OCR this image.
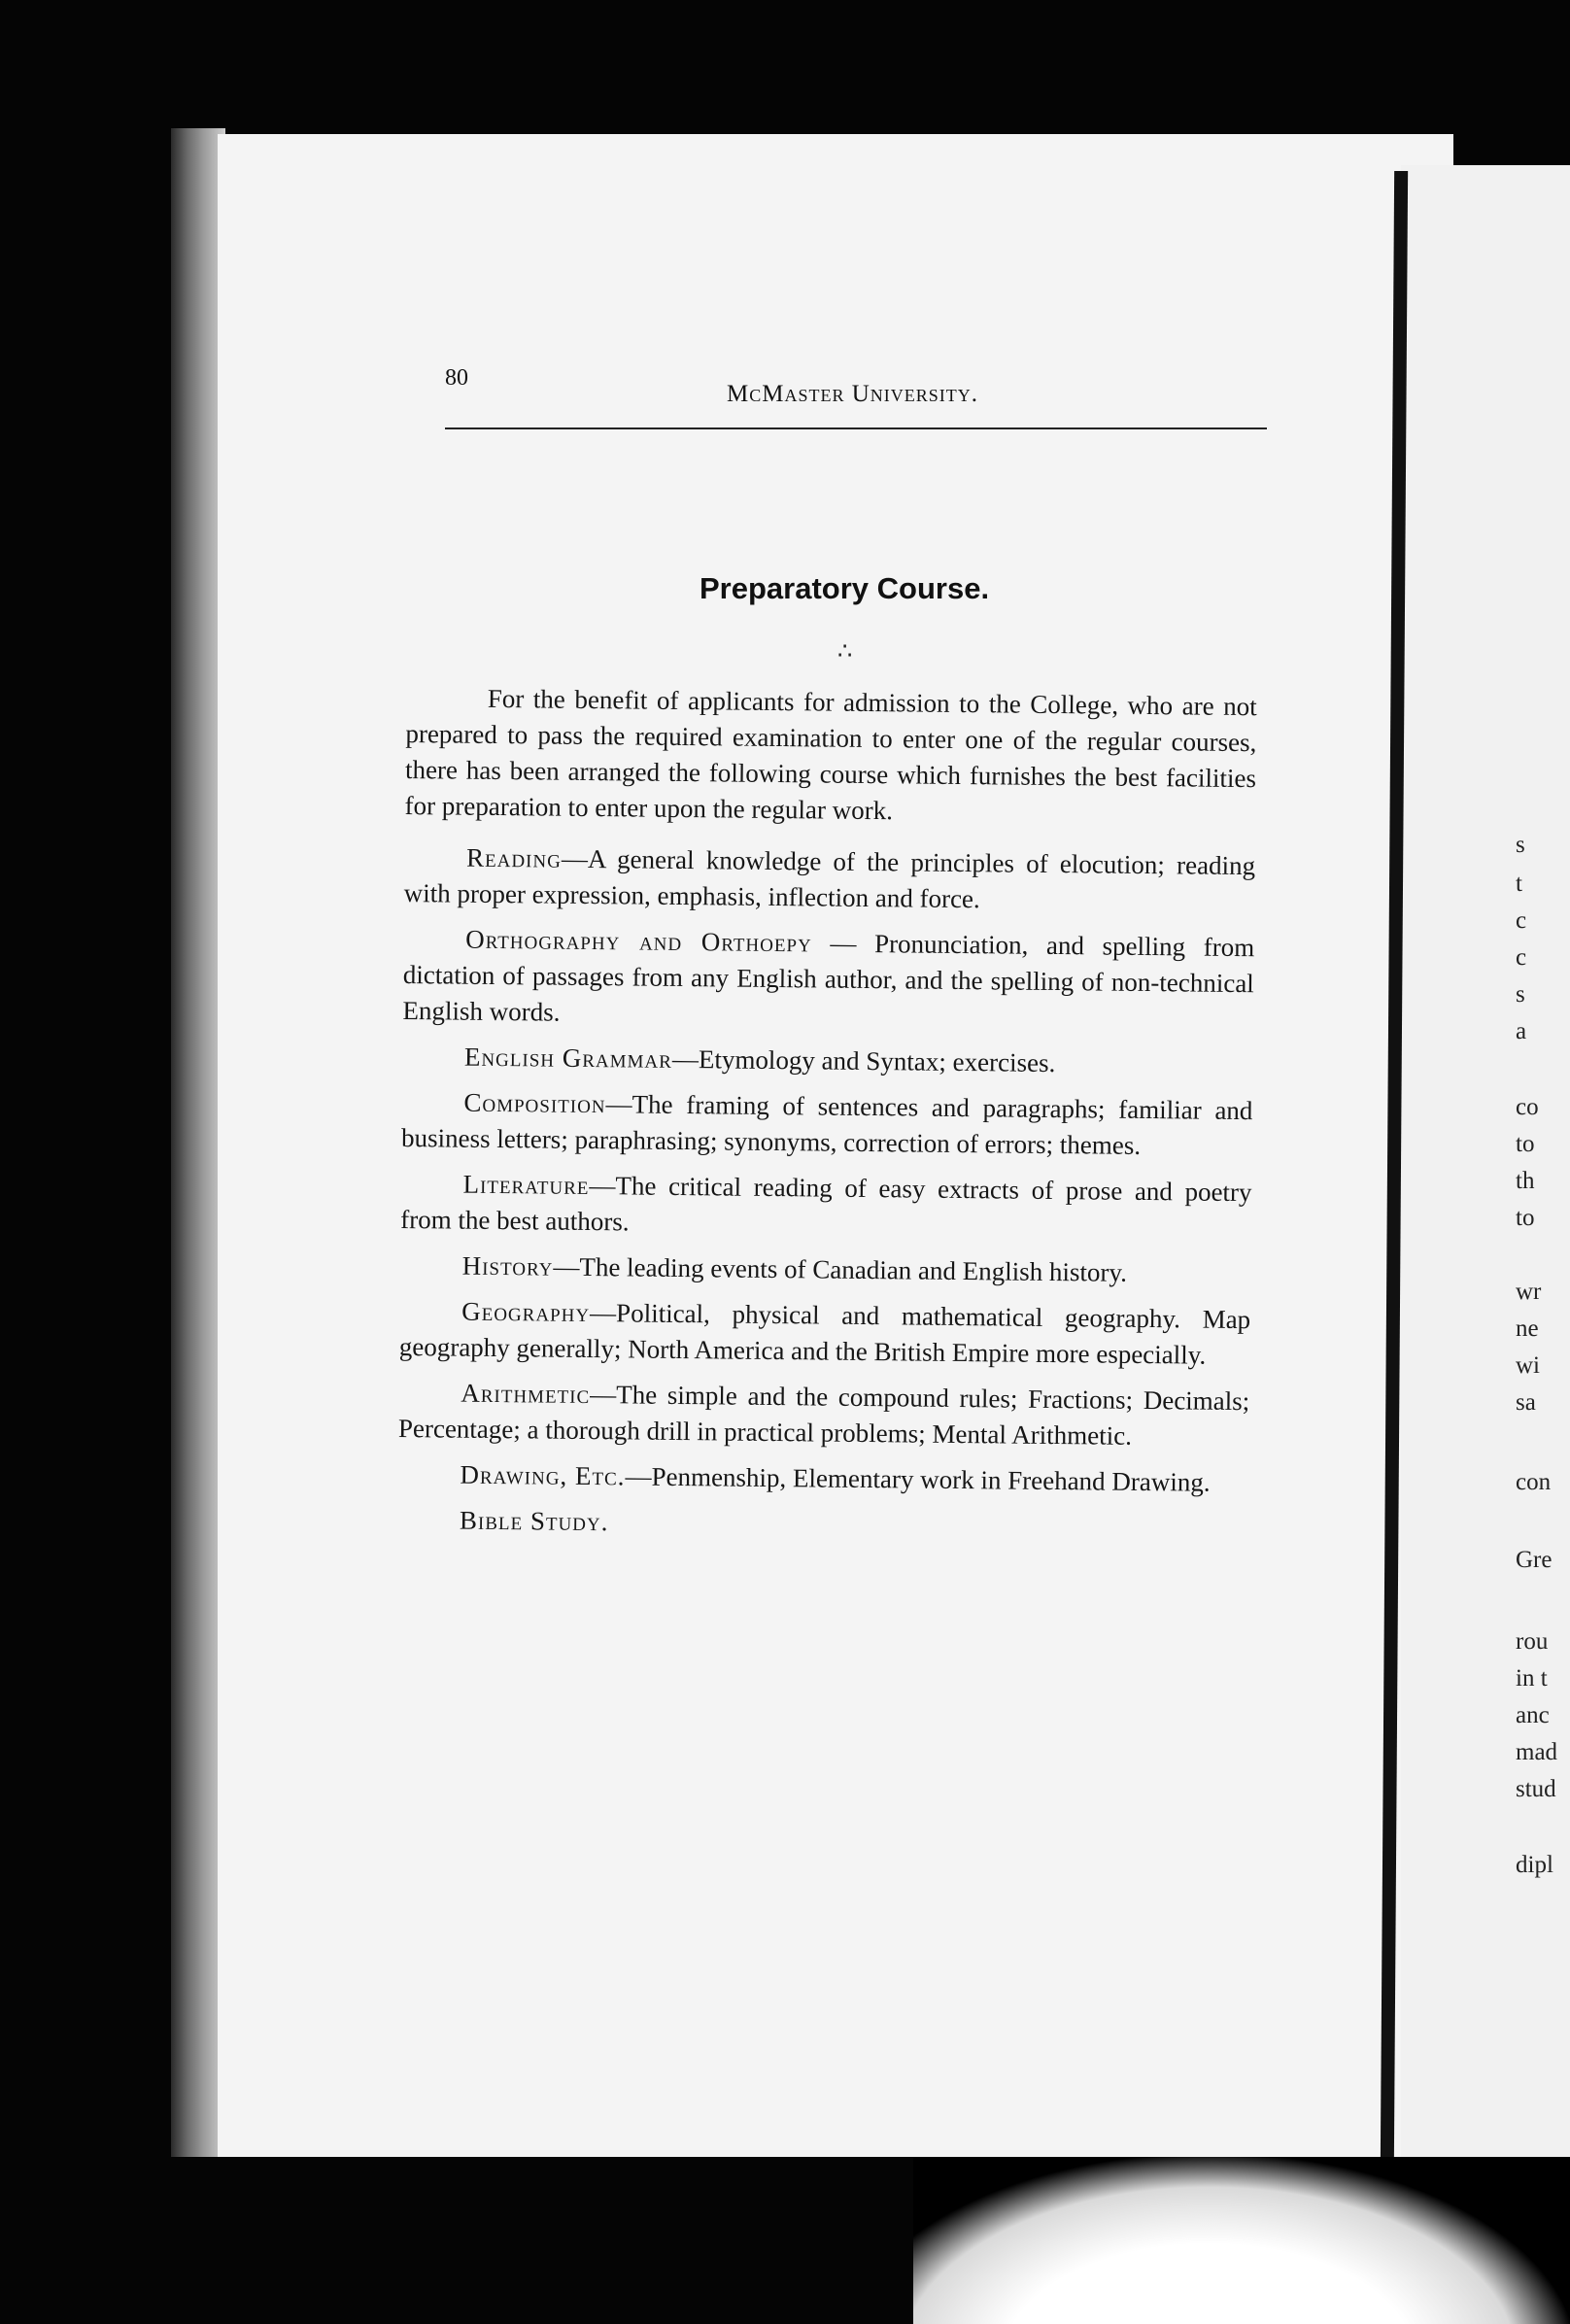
80
McMaster University.
Preparatory Course.
∴

For the benefit of applicants for admission to the College, who are not prepared to pass the required examination to enter one of the regular courses, there has been arranged the following course which furnishes the best facilities for preparation to enter upon the regular work.

Reading—A general knowledge of the principles of elocution; reading with proper expression, emphasis, inflection and force.

Orthography and Orthoepy — Pronunciation, and spelling from dictation of passages from any English author, and the spelling of non-technical English words.

English Grammar—Etymology and Syntax; exercises.

Composition—The framing of sentences and paragraphs; familiar and business letters; paraphrasing; synonyms, correction of errors; themes.

Literature—The critical reading of easy extracts of prose and poetry from the best authors.

History—The leading events of Canadian and English history.

Geography—Political, physical and mathematical geography. Map geography generally; North America and the British Empire more especially.

Arithmetic—The simple and the compound rules; Fractions; Decimals; Percentage; a thorough drill in practical problems; Mental Arithmetic.

Drawing, Etc.—Penmenship, Elementary work in Freehand Drawing.

Bible Study.

s
t
c
c
s
a
co
to
th
to
wr
ne
wi
sa
con
Gre
rou
in t
anc
mad
stud
dipl
